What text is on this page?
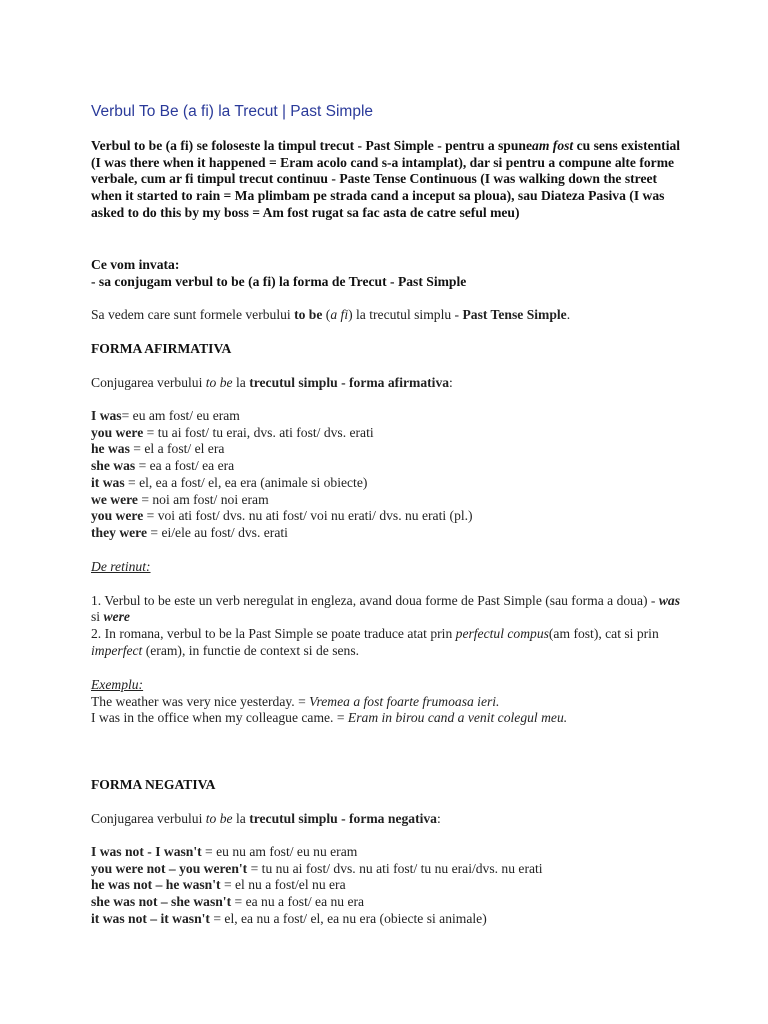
Verbul To Be (a fi) la Trecut | Past Simple
Verbul to be (a fi) se foloseste la timpul trecut - Past Simple - pentru a spuneam fost cu sens existential (I was there when it happened = Eram acolo cand s-a intamplat), dar si pentru a compune alte forme verbale, cum ar fi timpul trecut continuu - Paste Tense Continuous (I was walking down the street when it started to rain = Ma plimbam pe strada cand a inceput sa ploua), sau Diateza Pasiva (I was asked to do this by my boss = Am fost rugat sa fac asta de catre seful meu)
Ce vom invata:
- sa conjugam verbul to be (a fi) la forma de Trecut - Past Simple
Sa vedem care sunt formele verbului to be (a fi) la trecutul simplu - Past Tense Simple.
FORMA AFIRMATIVA
Conjugarea verbului to be la trecutul simplu - forma afirmativa:
I was= eu am fost/ eu eram
you were = tu ai fost/ tu erai, dvs. ati fost/ dvs. erati
he was = el a fost/ el era
she was = ea a fost/ ea era
it was = el, ea a fost/ el, ea era (animale si obiecte)
we were = noi am fost/ noi eram
you were = voi ati fost/ dvs. nu ati fost/ voi nu erati/ dvs. nu erati (pl.)
they were = ei/ele au fost/ dvs. erati
De retinut:
1. Verbul to be este un verb neregulat in engleza, avand doua forme de Past Simple (sau forma a doua) - was si were
2. In romana, verbul to be la Past Simple se poate traduce atat prin perfectul compus(am fost), cat si prin imperfect (eram), in functie de context si de sens.
Exemplu:
The weather was very nice yesterday. = Vremea a fost foarte frumoasa ieri.
I was in the office when my colleague came. = Eram in birou cand a venit colegul meu.
FORMA NEGATIVA
Conjugarea verbului to be la trecutul simplu - forma negativa:
I was not - I wasn't = eu nu am fost/ eu nu eram
you were not – you weren't = tu nu ai fost/ dvs. nu ati fost/ tu nu erai/dvs. nu erati
he was not – he wasn't = el nu a fost/el nu era
she was not – she wasn't = ea nu a fost/ ea nu era
it was not – it wasn't = el, ea nu a fost/ el, ea nu era (obiecte si animale)
